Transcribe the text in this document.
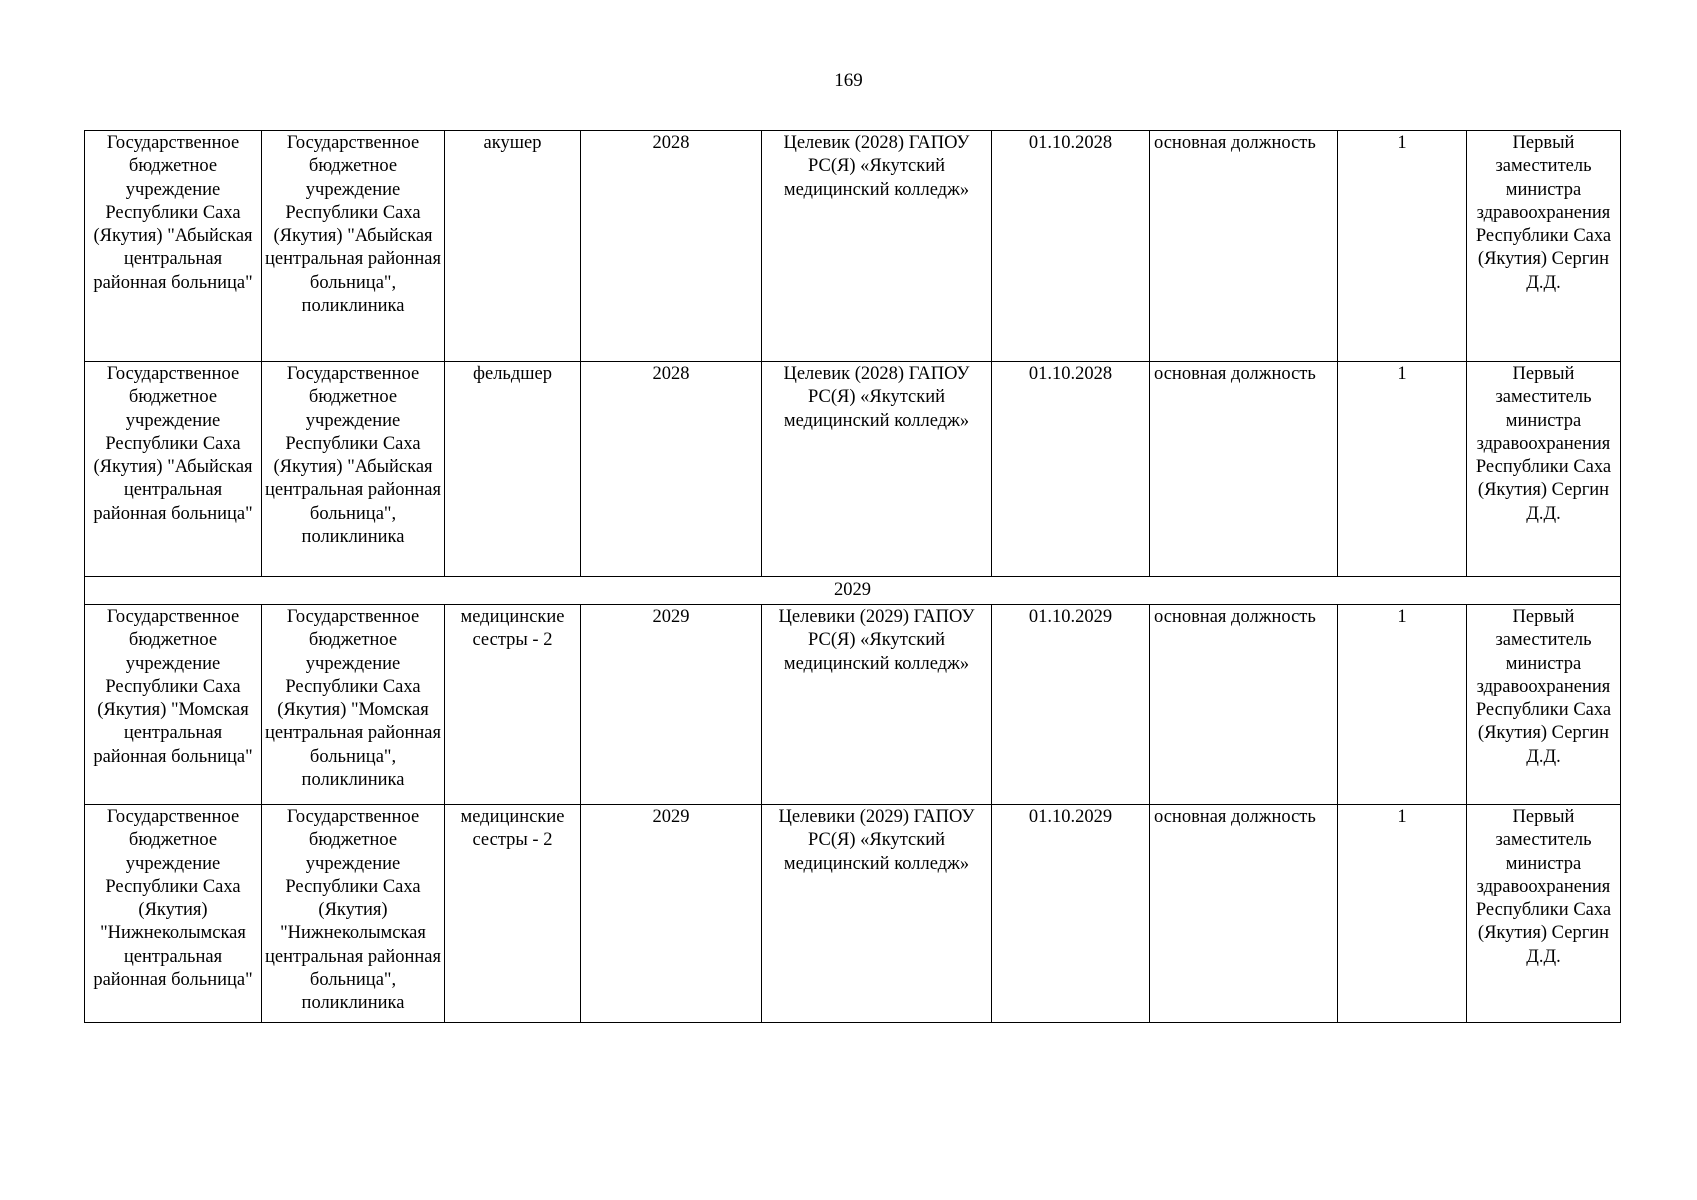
169
Государственное бюджетное учреждение Республики Саха (Якутия) "Абыйская центральная районная больница"	Государственное бюджетное учреждение Республики Саха (Якутия) "Абыйская центральная районная больница", поликлиника	акушер	2028	Целевик (2028) ГАПОУ РС(Я) «Якутский медицинский колледж»	01.10.2028	основная должность	1	Первый заместитель министра здравоохранения Республики Саха (Якутия) Сергин Д.Д.
Государственное бюджетное учреждение Республики Саха (Якутия) "Абыйская центральная районная больница"	Государственное бюджетное учреждение Республики Саха (Якутия) "Абыйская центральная районная больница", поликлиника	фельдшер	2028	Целевик (2028) ГАПОУ РС(Я) «Якутский медицинский колледж»	01.10.2028	основная должность	1	Первый заместитель министра здравоохранения Республики Саха (Якутия) Сергин Д.Д.
2029								
Государственное бюджетное учреждение Республики Саха (Якутия) "Момская центральная районная больница"	Государственное бюджетное учреждение Республики Саха (Якутия) "Момская центральная районная больница", поликлиника	медицинские сестры - 2	2029	Целевики (2029) ГАПОУ РС(Я) «Якутский медицинский колледж»	01.10.2029	основная должность	1	Первый заместитель министра здравоохранения Республики Саха (Якутия) Сергин Д.Д.
Государственное бюджетное учреждение Республики Саха (Якутия) "Нижнеколымская центральная районная больница"	Государственное бюджетное учреждение Республики Саха (Якутия) "Нижнеколымская центральная районная больница", поликлиника	медицинские сестры - 2	2029	Целевики (2029) ГАПОУ РС(Я) «Якутский медицинский колледж»	01.10.2029	основная должность	1	Первый заместитель министра здравоохранения Республики Саха (Якутия) Сергин Д.Д.
